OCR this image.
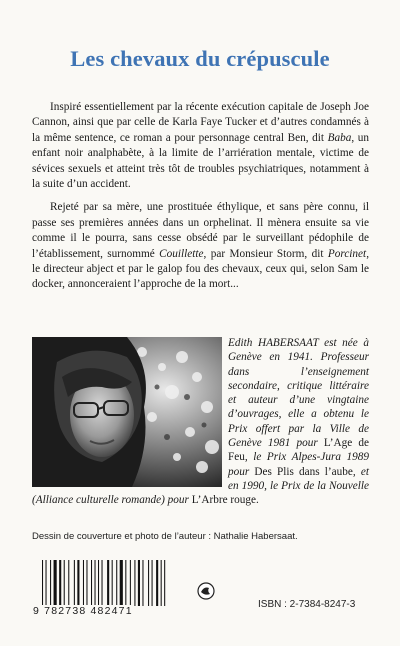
Les chevaux du crépuscule

Inspiré essentiellement par la récente exécution capitale de Joseph Joe Cannon, ainsi que par celle de Karla Faye Tucker et d’autres condamnés à la même sentence, ce roman a pour personnage central Ben, dit Baba, un enfant noir analphabète, à la limite de l’arriération mentale, victime de sévices sexuels et atteint très tôt de troubles psychiatriques, notamment à la suite d’un accident.

Rejeté par sa mère, une prostituée éthylique, et sans père connu, il passe ses premières années dans un orphelinat. Il mènera ensuite sa vie comme il le pourra, sans cesse obsédé par le surveillant pédophile de l’établissement, surnommé Couillette, par Monsieur Storm, dit Porcinet, le directeur abject et par le galop fou des chevaux, ceux qui, selon Sam le docker, annonceraient l’approche de la mort...

Edith HABERSAAT est née à Genève en 1941. Professeur dans l’enseignement secondaire, critique littéraire et auteur d’une vingtaine d’ouvrages, elle a obtenu le Prix offert par la Ville de Genève 1981 pour L’Age de Feu, le Prix Alpes-Jura 1989 pour Des Plis dans l’aube, et en 1990, le Prix de la Nouvelle (Alliance culturelle romande) pour L’Arbre rouge.
Dessin de couverture et photo de l’auteur : Nathalie Habersaat.
9 782738 482471
ISBN : 2-7384-8247-3
